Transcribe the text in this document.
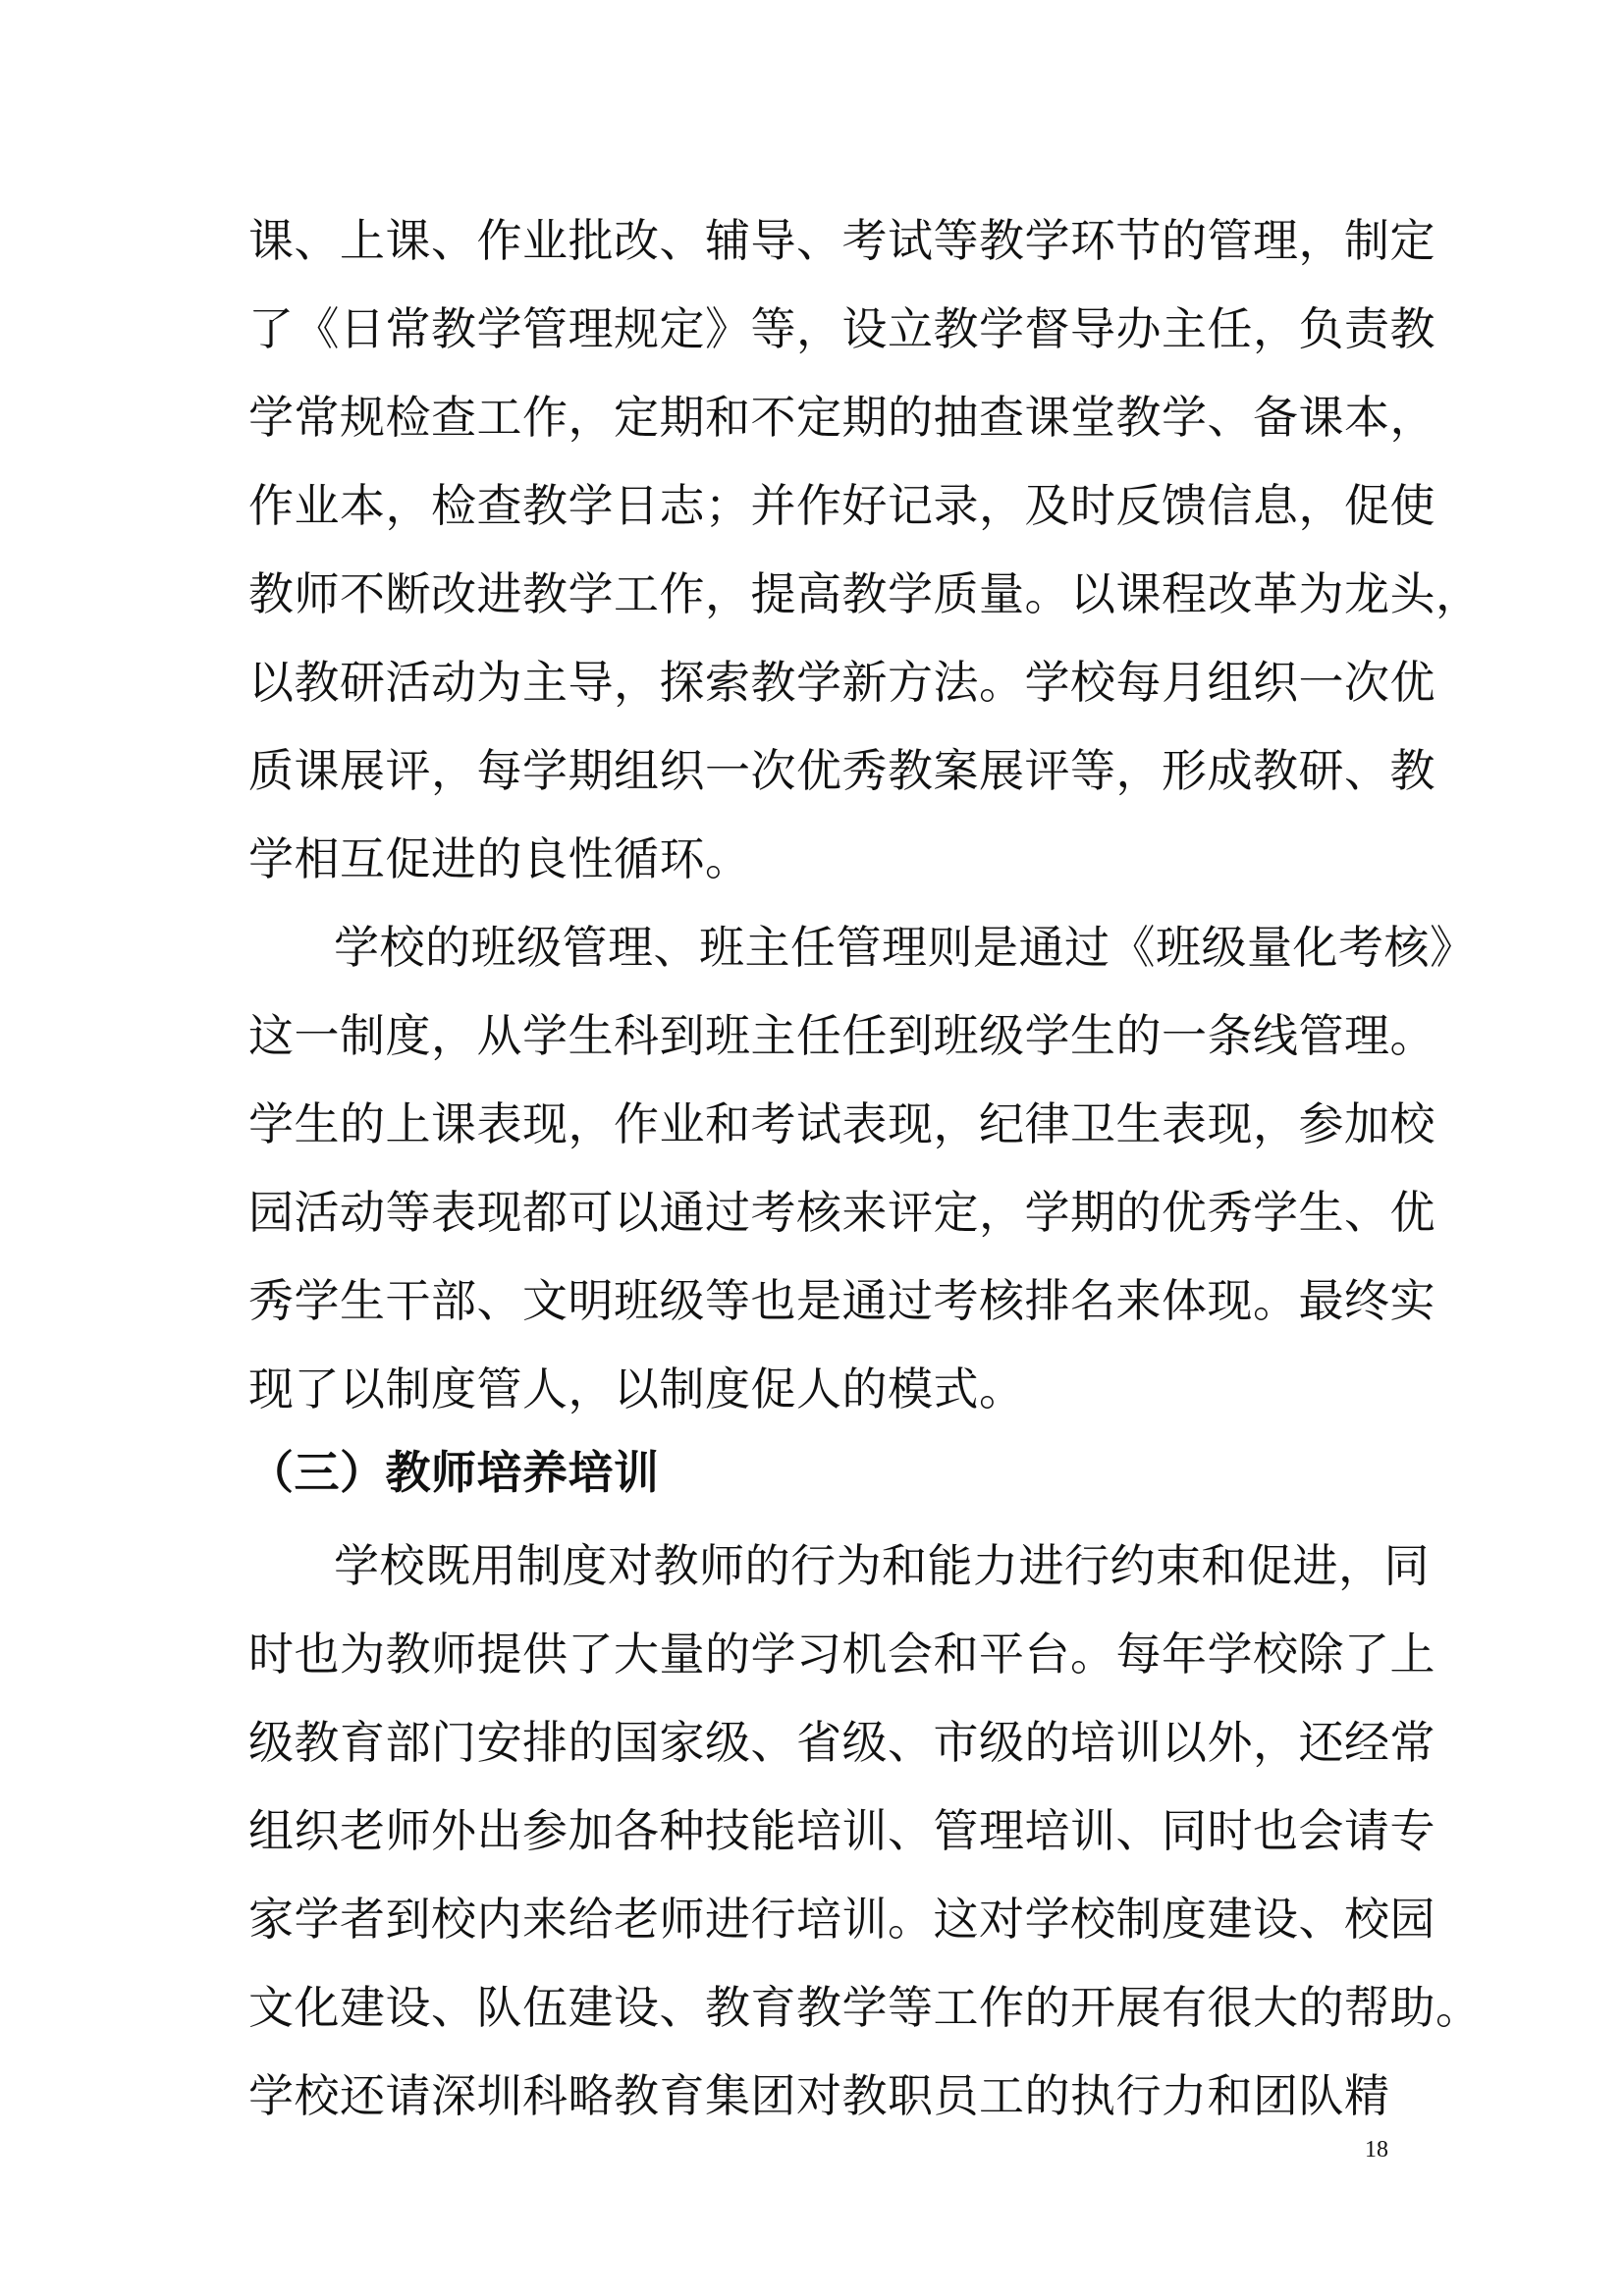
课、上课、作业批改、辅导、考试等教学环节的管理，制定
了《日常教学管理规定》等，设立教学督导办主任，负责教
学常规检查工作，定期和不定期的抽查课堂教学、备课本，
作业本，检查教学日志；并作好记录，及时反馈信息，促使
教师不断改进教学工作，提高教学质量。以课程改革为龙头，
以教研活动为主导，探索教学新方法。学校每月组织一次优
质课展评，每学期组织一次优秀教案展评等，形成教研、教
学相互促进的良性循环。
学校的班级管理、班主任管理则是通过《班级量化考核》
这一制度，从学生科到班主任任到班级学生的一条线管理。
学生的上课表现，作业和考试表现，纪律卫生表现，参加校
园活动等表现都可以通过考核来评定，学期的优秀学生、优
秀学生干部、文明班级等也是通过考核排名来体现。最终实
现了以制度管人，以制度促人的模式。
（三）教师培养培训
学校既用制度对教师的行为和能力进行约束和促进，同
时也为教师提供了大量的学习机会和平台。每年学校除了上
级教育部门安排的国家级、省级、市级的培训以外，还经常
组织老师外出参加各种技能培训、管理培训、同时也会请专
家学者到校内来给老师进行培训。这对学校制度建设、校园
文化建设、队伍建设、教育教学等工作的开展有很大的帮助。
学校还请深圳科略教育集团对教职员工的执行力和团队精
18
